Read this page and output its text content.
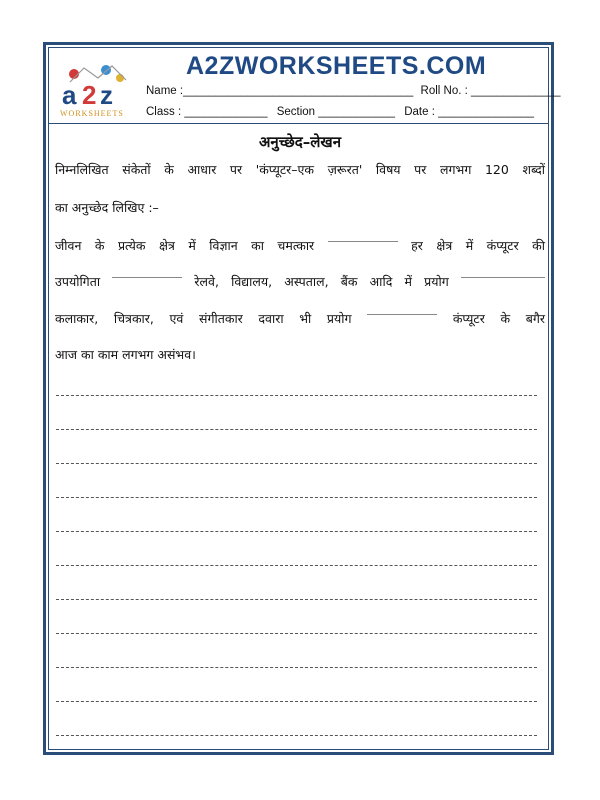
a 2 z
WORKSHEETS
A2ZWORKSHEETS.COM
Name :____________________________________ Roll No. : ______________
Class : _____________ Section ____________ Date : _______________
अनुच्छेद–लेखन
निम्नलिखित संकेतों के आधार पर 'कंप्यूटर–एक ज़रूरत' विषय पर लगभग 120 शब्दों
का अनुच्छेद लिखिए :–
जीवन के प्रत्येक क्षेत्र में विज्ञान का चमत्कार	हर क्षेत्र में कंप्यूटर की
उपयोगिता	रेलवे, विद्यालय, अस्पताल, बैंक आदि में प्रयोग
कलाकार, चित्रकार, एवं संगीतकार दवारा भी प्रयोग	कंप्यूटर के बगैर
आज का काम लगभग असंभव।
